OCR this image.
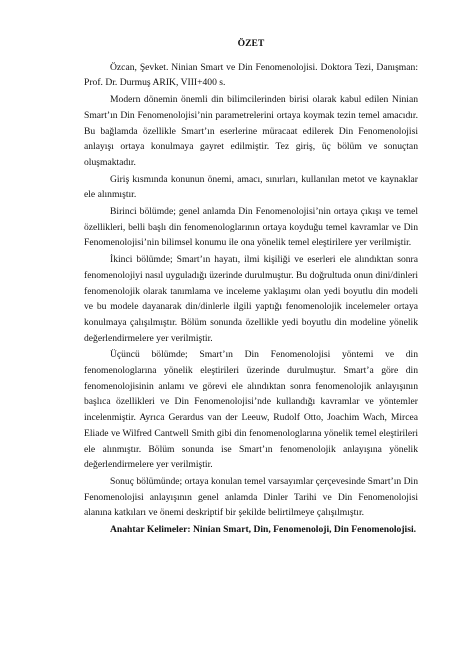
ÖZET

Özcan, Şevket. Ninian Smart ve Din Fenomenolojisi. Doktora Tezi, Danışman: Prof. Dr. Durmuş ARIK, VIII+400 s.

Modern dönemin önemli din bilimcilerinden birisi olarak kabul edilen Ninian Smart’ın Din Fenomenolojisi’nin parametrelerini ortaya koymak tezin temel amacıdır. Bu bağlamda özellikle Smart’ın eserlerine müracaat edilerek Din Fenomenolojisi anlayışı ortaya konulmaya gayret edilmiştir. Tez giriş, üç bölüm ve sonuçtan oluşmaktadır.

Giriş kısmında konunun önemi, amacı, sınırları, kullanılan metot ve kaynaklar ele alınmıştır.

Birinci bölümde; genel anlamda Din Fenomenolojisi’nin ortaya çıkışı ve temel özellikleri, belli başlı din fenomenologlarının ortaya koyduğu temel kavramlar ve Din Fenomenolojisi’nin bilimsel konumu ile ona yönelik temel eleştirilere yer verilmiştir.

İkinci bölümde; Smart’ın hayatı, ilmi kişiliği ve eserleri ele alındıktan sonra fenomenolojiyi nasıl uyguladığı üzerinde durulmuştur. Bu doğrultuda onun dini/dinleri fenomenolojik olarak tanımlama ve inceleme yaklaşımı olan yedi boyutlu din modeli ve bu modele dayanarak din/dinlerle ilgili yaptığı fenomenolojik incelemeler ortaya konulmaya çalışılmıştır. Bölüm sonunda özellikle yedi boyutlu din modeline yönelik değerlendirmelere yer verilmiştir.

Üçüncü bölümde; Smart’ın Din Fenomenolojisi yöntemi ve din fenomenologlarına yönelik eleştirileri üzerinde durulmuştur. Smart’a göre din fenomenolojisinin anlamı ve görevi ele alındıktan sonra fenomenolojik anlayışının başlıca özellikleri ve Din Fenomenolojisi’nde kullandığı kavramlar ve yöntemler incelenmiştir. Ayrıca Gerardus van der Leeuw, Rudolf Otto, Joachim Wach, Mircea Eliade ve Wilfred Cantwell Smith gibi din fenomenologlarına yönelik temel eleştirileri ele alınmıştır. Bölüm sonunda ise Smart’ın fenomenolojik anlayışına yönelik değerlendirmelere yer verilmiştir.

Sonuç bölümünde; ortaya konulan temel varsayımlar çerçevesinde Smart’ın Din Fenomenolojisi anlayışının genel anlamda Dinler Tarihi ve Din Fenomenolojisi alanına katkıları ve önemi deskriptif bir şekilde belirtilmeye çalışılmıştır.

Anahtar Kelimeler: Ninian Smart, Din, Fenomenoloji, Din Fenomenolojisi.
